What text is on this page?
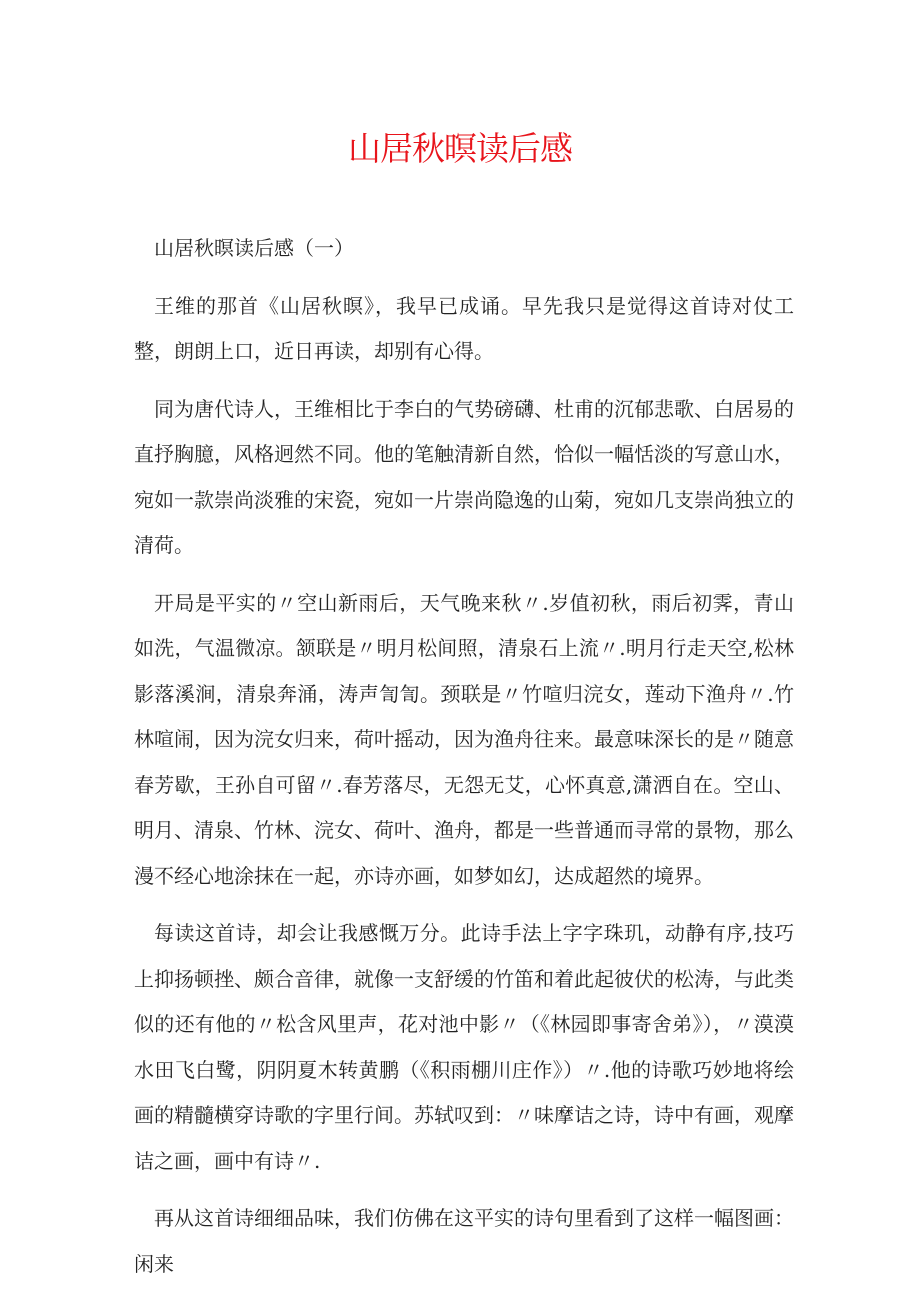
山居秋暝读后感

山居秋暝读后感（一）

王维的那首《山居秋暝》，我早已成诵。早先我只是觉得这首诗对仗工整，朗朗上口，近日再读，却别有心得。

同为唐代诗人，王维相比于李白的气势磅礴、杜甫的沉郁悲歌、白居易的直抒胸臆，风格迥然不同。他的笔触清新自然，恰似一幅恬淡的写意山水，宛如一款崇尚淡雅的宋瓷，宛如一片崇尚隐逸的山菊，宛如几支崇尚独立的清荷。

开局是平实的〃空山新雨后，天气晚来秋〃.岁值初秋，雨后初霁，青山如洗，气温微凉。颔联是〃明月松间照，清泉石上流〃.明月行走天空,松林影落溪涧，清泉奔涌，涛声訇訇。颈联是〃竹喧归浣女，莲动下渔舟〃.竹林喧闹，因为浣女归来，荷叶摇动，因为渔舟往来。最意味深长的是〃随意春芳歇，王孙自可留〃.春芳落尽，无怨无艾，心怀真意,潇洒自在。空山、明月、清泉、竹林、浣女、荷叶、渔舟，都是一些普通而寻常的景物，那么漫不经心地涂抹在一起，亦诗亦画，如梦如幻，达成超然的境界。

每读这首诗，却会让我感慨万分。此诗手法上字字珠玑，动静有序,技巧上抑扬顿挫、颇合音律，就像一支舒缓的竹笛和着此起彼伏的松涛，与此类似的还有他的〃松含风里声，花对池中影〃（《林园即事寄舍弟》），〃漠漠水田飞白鹭，阴阴夏木转黄鹏（《积雨棚川庄作》）〃.他的诗歌巧妙地将绘画的精髓横穿诗歌的字里行间。苏轼叹到：〃味摩诘之诗，诗中有画，观摩诘之画，画中有诗〃.

再从这首诗细细品味，我们仿佛在这平实的诗句里看到了这样一幅图画：闲来
